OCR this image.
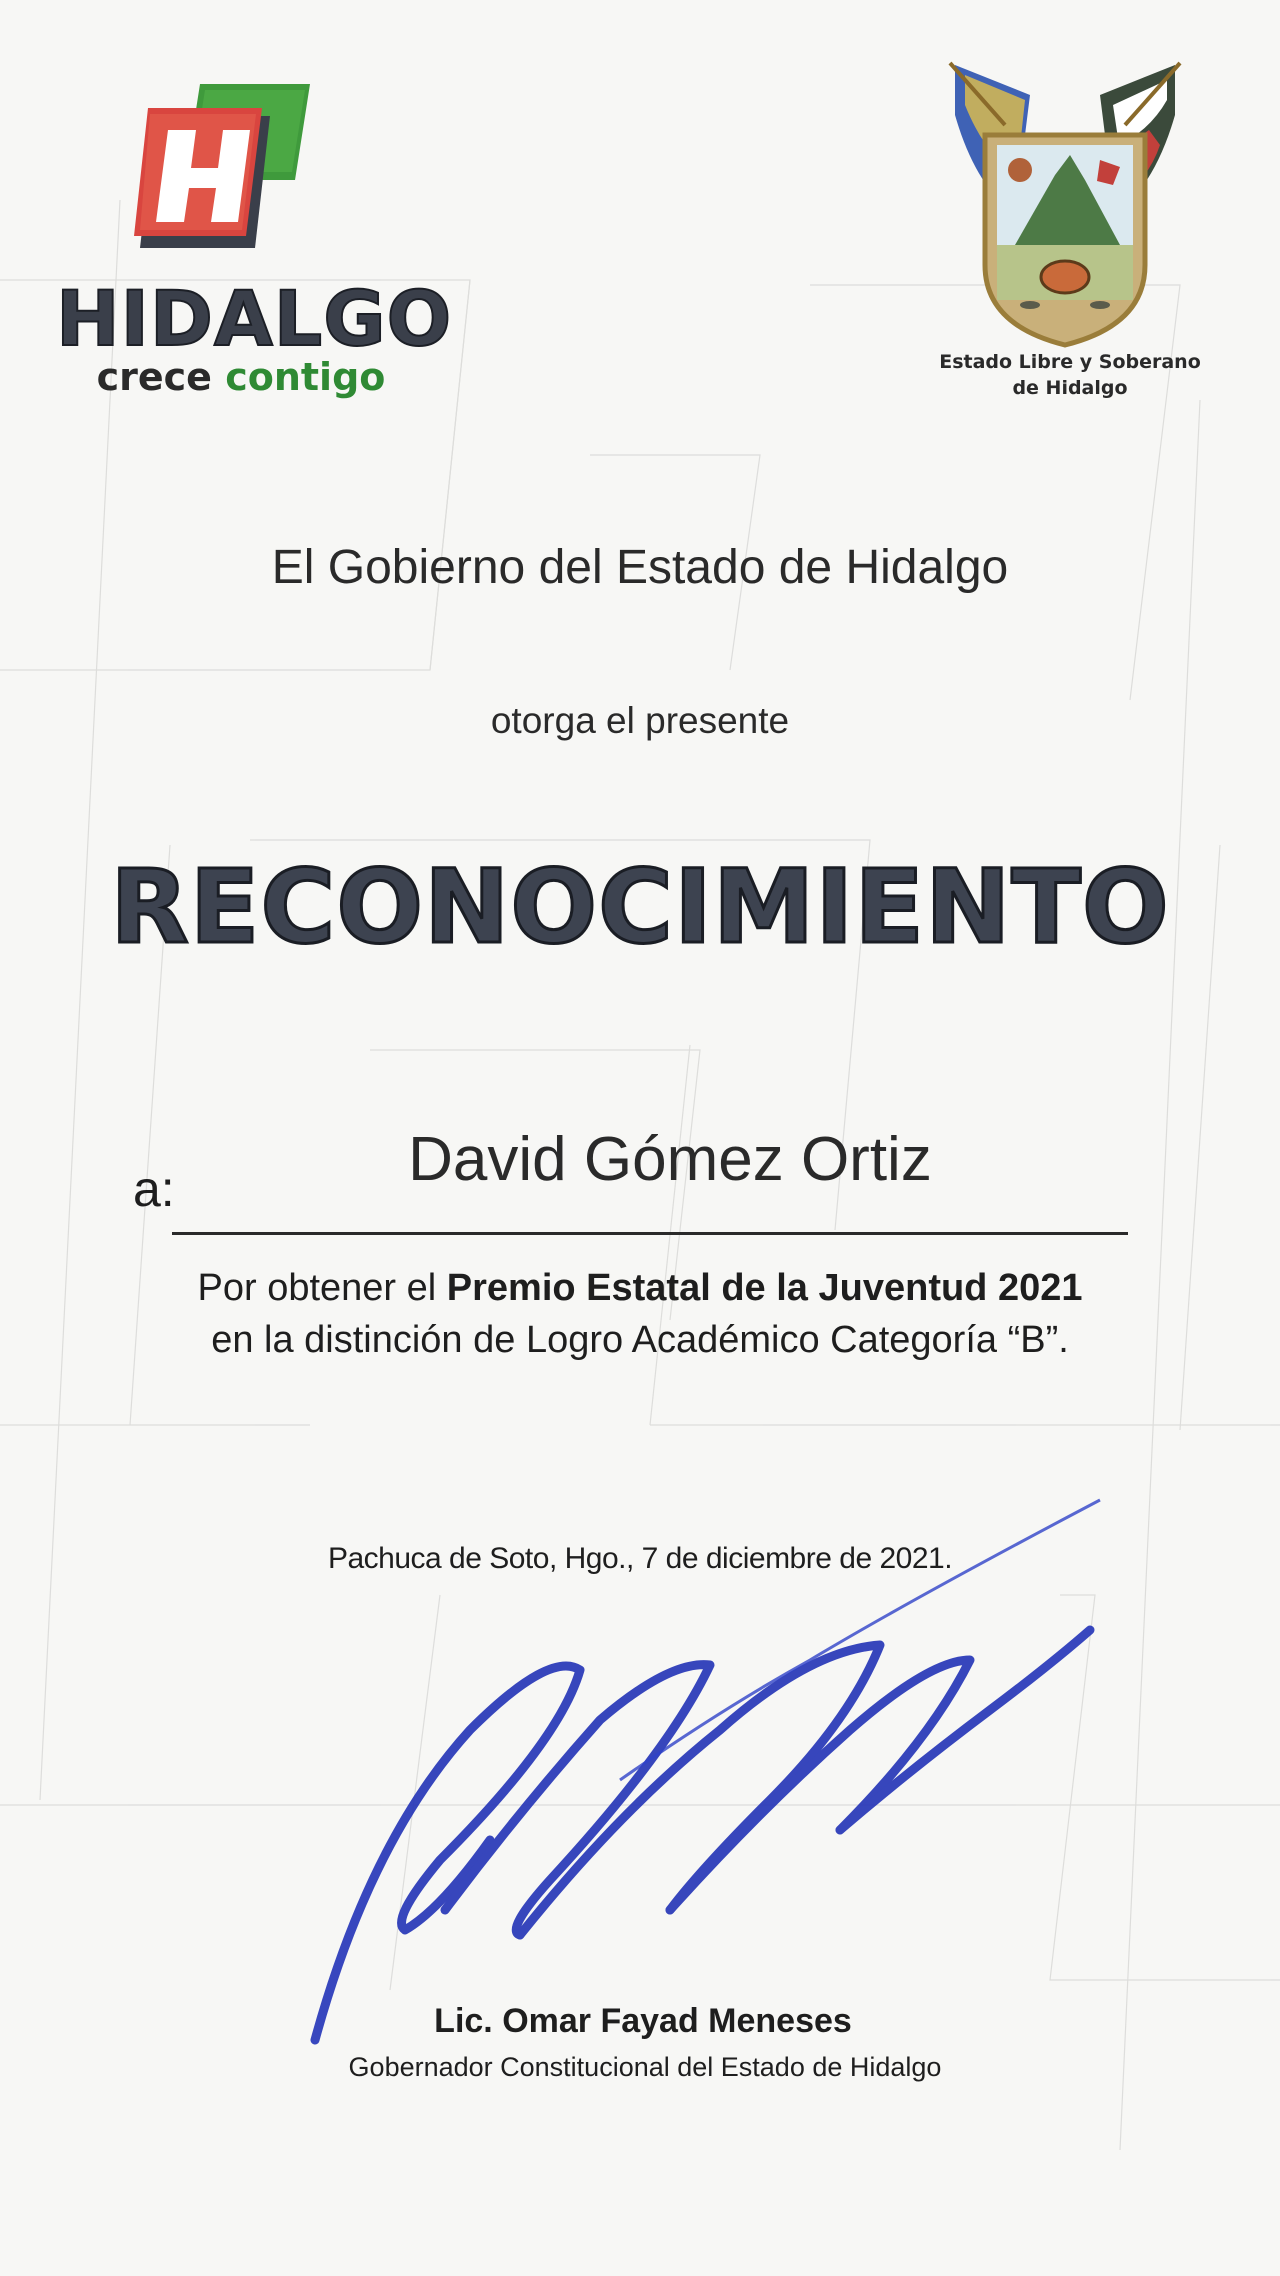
HIDALGO
crece contigo	Estado Libre y Soberano
de Hidalgo
El Gobierno del Estado de Hidalgo
otorga el presente
RECONOCIMIENTO
a:	David Gómez Ortiz
Por obtener el Premio Estatal de la Juventud 2021
en la distinción de Logro Académico Categoría “B”.
Pachuca de Soto, Hgo., 7 de diciembre de 2021.
Lic. Omar Fayad Meneses
Gobernador Constitucional del Estado de Hidalgo
